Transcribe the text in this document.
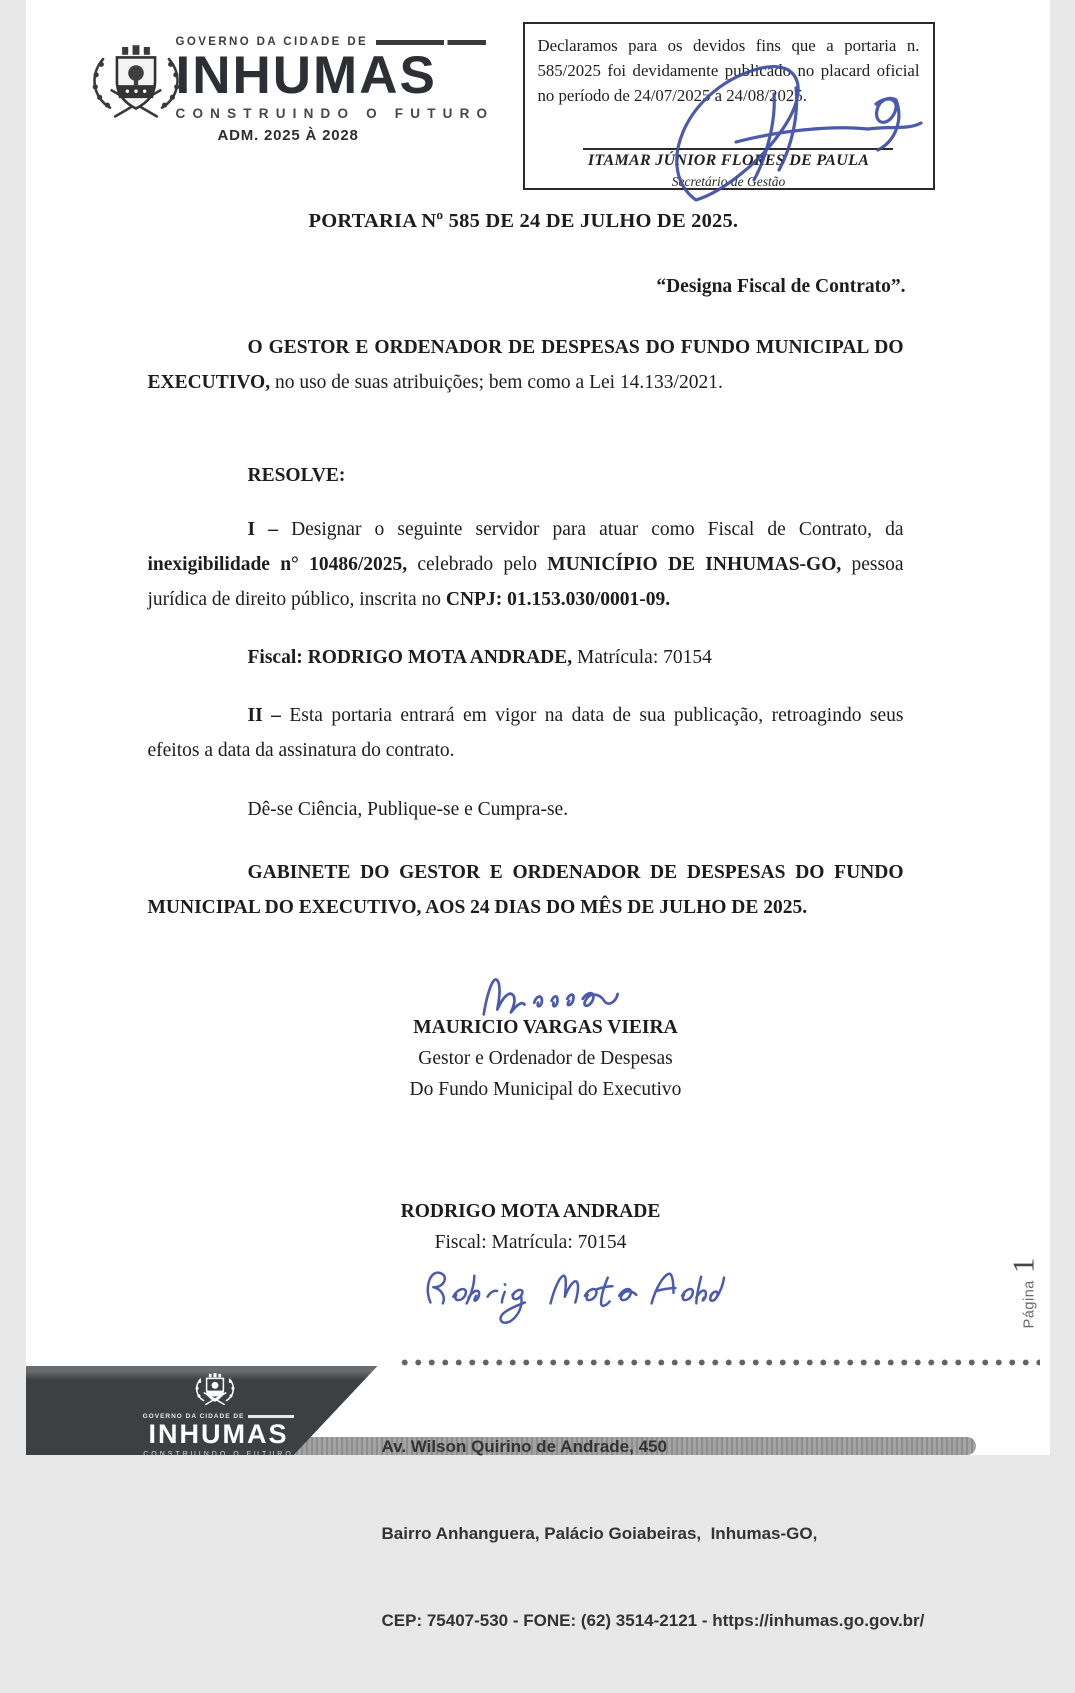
GOVERNO DA CIDADE DE
INHUMAS
CONSTRUINDO O FUTURO
ADM. 2025 À 2028
Declaramos para os devidos fins que a portaria n. 585/2025 foi devidamente publicado no placard oficial no período de 24/07/2025 a 24/08/2025.
ITAMAR JÚNIOR FLORES DE PAULA
Secretário de Gestão
PORTARIA Nº 585 DE 24 DE JULHO DE 2025.
“Designa Fiscal de Contrato”.

O GESTOR E ORDENADOR DE DESPESAS DO FUNDO MUNICIPAL DO EXECUTIVO, no uso de suas atribuições; bem como a Lei 14.133/2021.

RESOLVE:

I – Designar o seguinte servidor para atuar como Fiscal de Contrato, da inexigibilidade n° 10486/2025, celebrado pelo MUNICÍPIO DE INHUMAS-GO, pessoa jurídica de direito público, inscrita no CNPJ: 01.153.030/0001-09.

Fiscal: RODRIGO MOTA ANDRADE, Matrícula: 70154

II – Esta portaria entrará em vigor na data de sua publicação, retroagindo seus efeitos a data da assinatura do contrato.

Dê-se Ciência, Publique-se e Cumpra-se.

GABINETE DO GESTOR E ORDENADOR DE DESPESAS DO FUNDO MUNICIPAL DO EXECUTIVO, AOS 24 DIAS DO MÊS DE JULHO DE 2025.

MAURICIO VARGAS VIEIRA
Gestor e Ordenador de Despesas
Do Fundo Municipal do Executivo
RODRIGO MOTA ANDRADE
Fiscal: Matrícula: 70154
Página
1
GOVERNO DA CIDADE DE
INHUMAS
CONSTRUINDO O FUTURO

	Av. Wilson Quirino de Andrade, 450

Bairro Anhanguera, Palácio Goiabeiras,  Inhumas-GO,

CEP: 75407-530 - FONE: (62) 3514-2121 - https://inhumas.go.gov.br/
